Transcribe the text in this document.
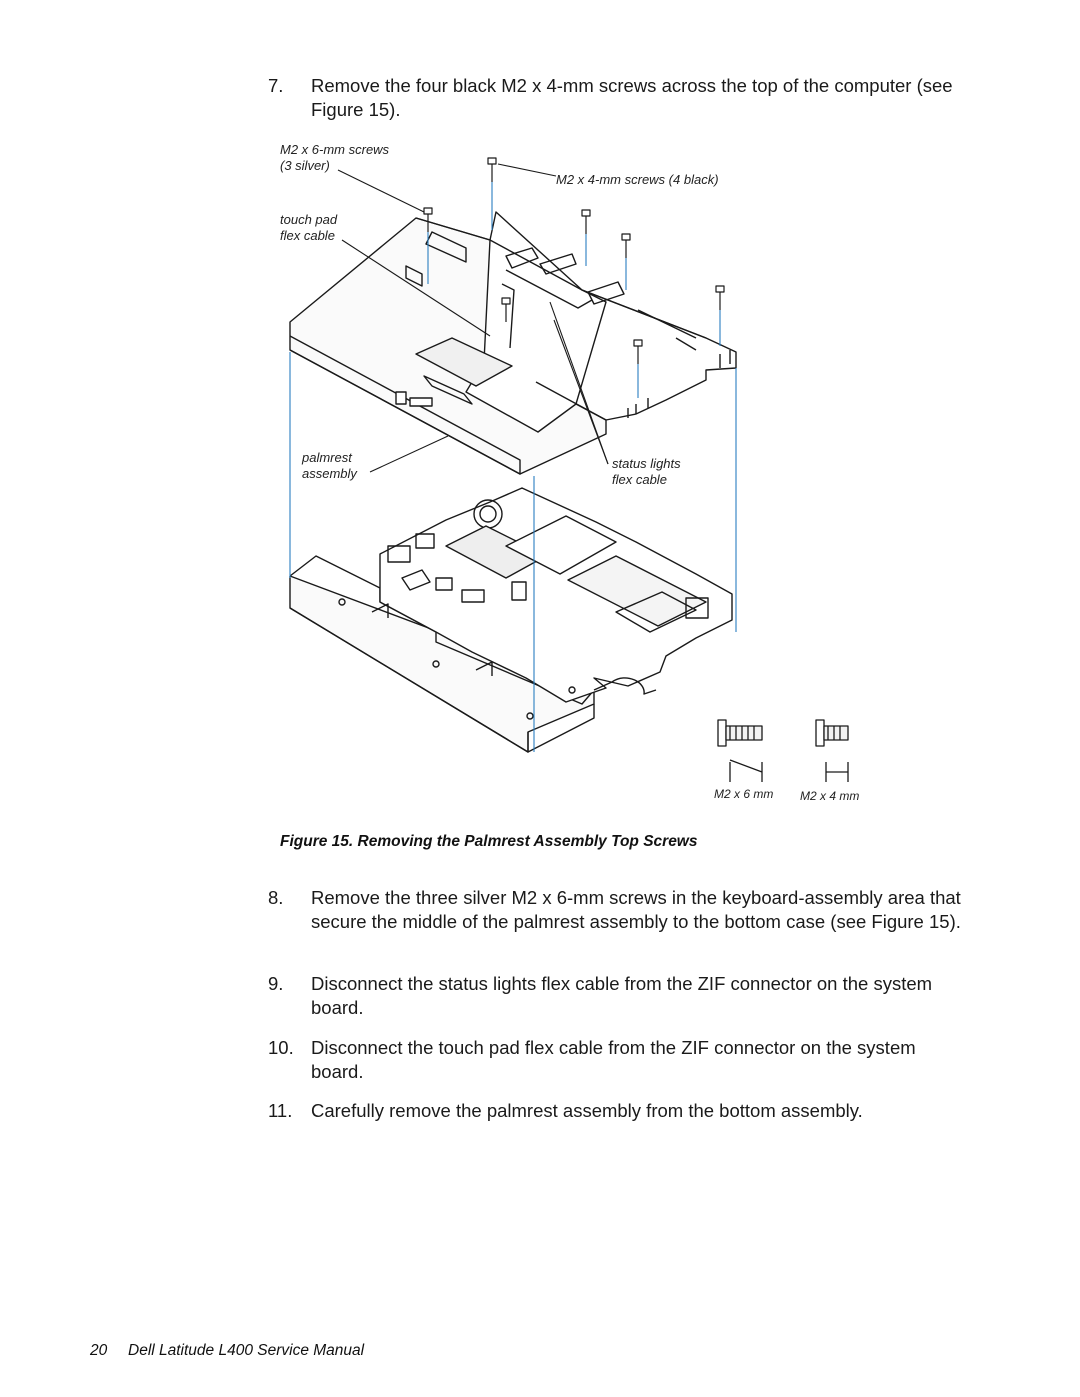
7. Remove the four black M2 x 4-mm screws across the top of the computer (see Figure 15).
M2 x 6-mm screws
(3 silver)
M2 x 4-mm screws (4 black)
touch pad
flex cable
palmrest
assembly
status lights
flex cable
M2 x 6 mm M2 x 4 mm
Figure 15. Removing the Palmrest Assembly Top Screws
8. Remove the three silver M2 x 6-mm screws in the keyboard-assembly area that secure the middle of the palmrest assembly to the bottom case (see Figure 15).
9. Disconnect the status lights flex cable from the ZIF connector on the system board.
10. Disconnect the touch pad flex cable from the ZIF connector on the system board.
11. Carefully remove the palmrest assembly from the bottom assembly.
20 Dell Latitude L400 Service Manual
